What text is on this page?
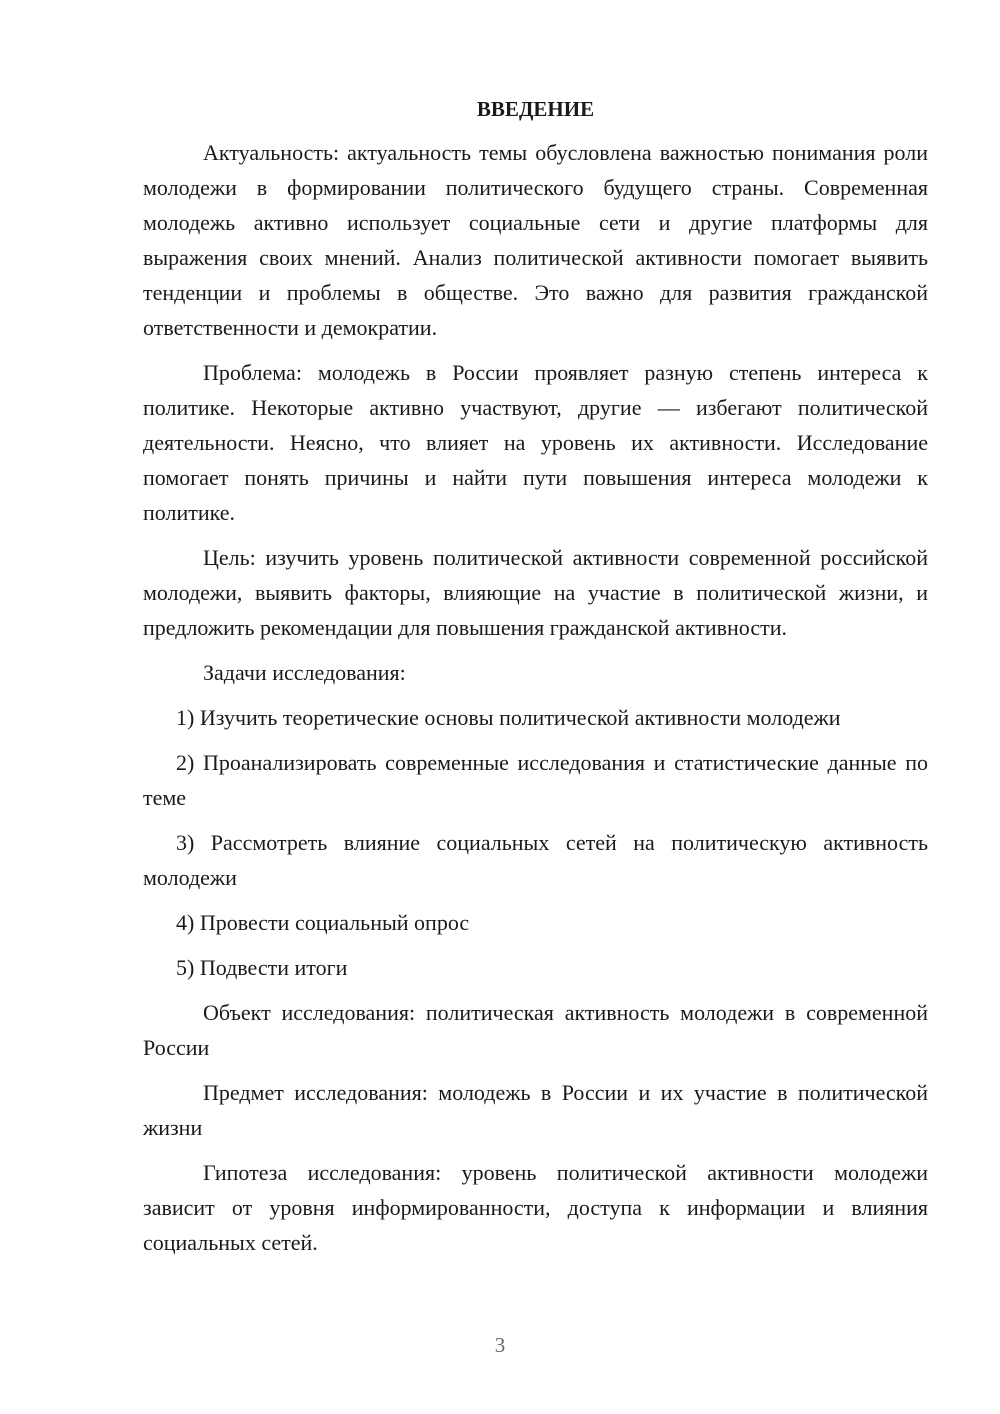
ВВЕДЕНИЕ

Актуальность: актуальность темы обусловлена важностью понимания роли молодежи в формировании политического будущего страны. Современная молодежь активно использует социальные сети и другие платформы для выражения своих мнений. Анализ политической активности помогает выявить тенденции и проблемы в обществе. Это важно для развития гражданской ответственности и демократии.

Проблема: молодежь в России проявляет разную степень интереса к политике. Некоторые активно участвуют, другие — избегают политической деятельности. Неясно, что влияет на уровень их активности. Исследование помогает понять причины и найти пути повышения интереса молодежи к политике.

Цель: изучить уровень политической активности современной российской молодежи, выявить факторы, влияющие на участие в политической жизни, и предложить рекомендации для повышения гражданской активности.

Задачи исследования:

1) Изучить теоретические основы политической активности молодежи

2) Проанализировать современные исследования и статистические данные по теме

3) Рассмотреть влияние социальных сетей на политическую активность молодежи

4) Провести социальный опрос

5) Подвести итоги

Объект исследования: политическая активность молодежи в современной России

Предмет исследования: молодежь в России и их участие в политической жизни

Гипотеза исследования: уровень политической активности молодежи зависит от уровня информированности, доступа к информации и влияния социальных сетей.

3
